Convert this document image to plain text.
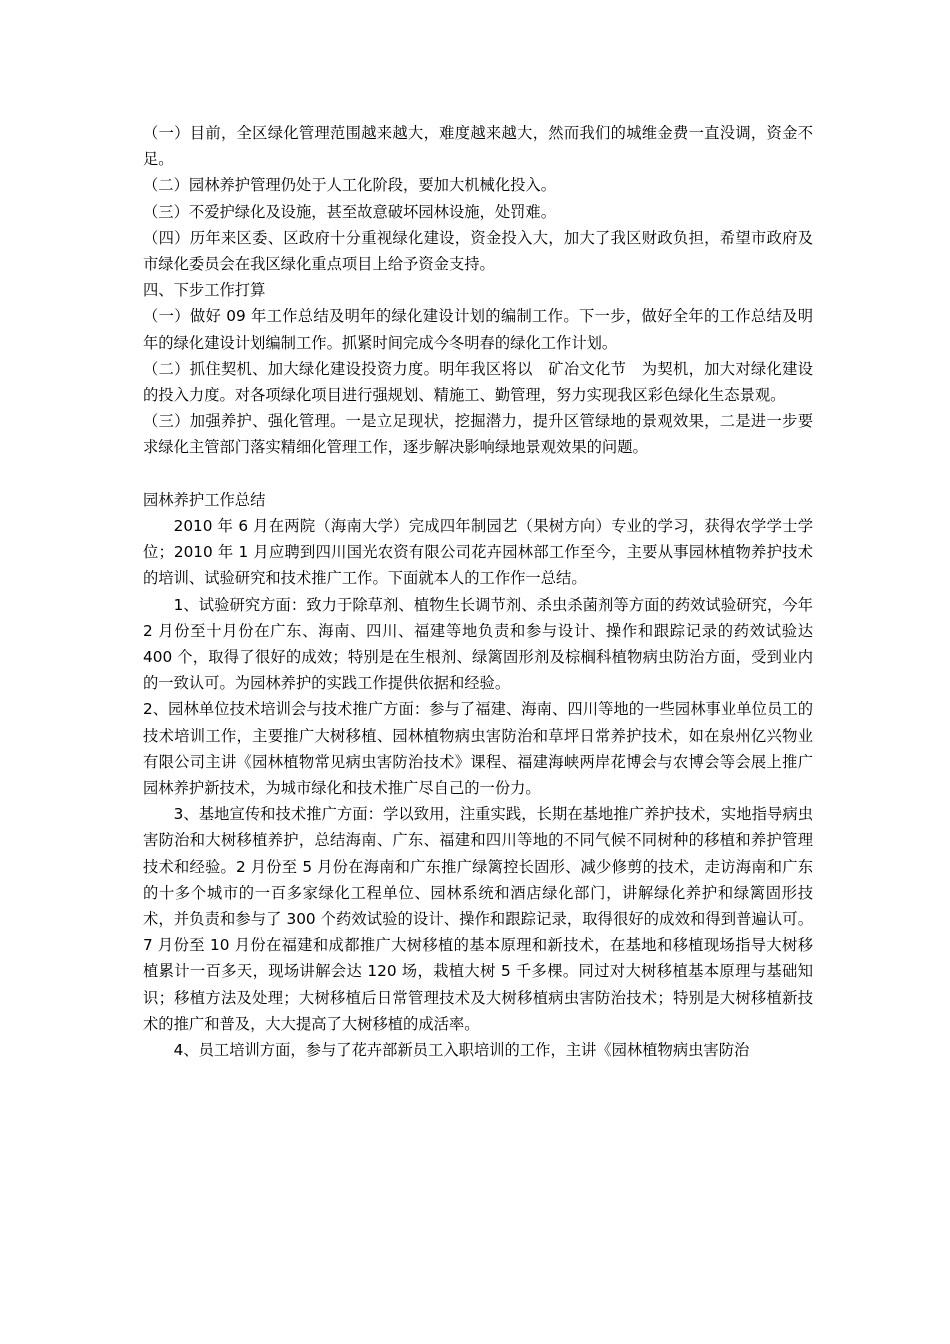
（一）目前，全区绿化管理范围越来越大，难度越来越大，然而我们的城维金费一直没调，资金不足。

（二）园林养护管理仍处于人工化阶段，要加大机械化投入。

（三）不爱护绿化及设施，甚至故意破坏园林设施，处罚难。

（四）历年来区委、区政府十分重视绿化建设，资金投入大，加大了我区财政负担，希望市政府及市绿化委员会在我区绿化重点项目上给予资金支持。

四、下步工作打算

（一）做好 09 年工作总结及明年的绿化建设计划的编制工作。下一步，做好全年的工作总结及明年的绿化建设计划编制工作。抓紧时间完成今冬明春的绿化工作计划。

（二）抓住契机、加大绿化建设投资力度。明年我区将以　矿冶文化节　为契机，加大对绿化建设的投入力度。对各项绿化项目进行强规划、精施工、勤管理，努力实现我区彩色绿化生态景观。

（三）加强养护、强化管理。一是立足现状，挖掘潜力，提升区管绿地的景观效果，二是进一步要求绿化主管部门落实精细化管理工作，逐步解决影响绿地景观效果的问题。

园林养护工作总结

2010 年 6 月在两院（海南大学）完成四年制园艺（果树方向）专业的学习，获得农学学士学位；2010 年 1 月应聘到四川国光农资有限公司花卉园林部工作至今，主要从事园林植物养护技术的培训、试验研究和技术推广工作。下面就本人的工作作一总结。

1、试验研究方面：致力于除草剂、植物生长调节剂、杀虫杀菌剂等方面的药效试验研究，今年 2 月份至十月份在广东、海南、四川、福建等地负责和参与设计、操作和跟踪记录的药效试验达 400 个，取得了很好的成效；特别是在生根剂、绿篱固形剂及棕榈科植物病虫防治方面，受到业内的一致认可。为园林养护的实践工作提供依据和经验。

2、园林单位技术培训会与技术推广方面：参与了福建、海南、四川等地的一些园林事业单位员工的技术培训工作，主要推广大树移植、园林植物病虫害防治和草坪日常养护技术，如在泉州亿兴物业有限公司主讲《园林植物常见病虫害防治技术》课程、福建海峡两岸花博会与农博会等会展上推广园林养护新技术，为城市绿化和技术推广尽自己的一份力。

3、基地宣传和技术推广方面：学以致用，注重实践，长期在基地推广养护技术，实地指导病虫害防治和大树移植养护，总结海南、广东、福建和四川等地的不同气候不同树种的移植和养护管理技术和经验。2 月份至 5 月份在海南和广东推广绿篱控长固形、减少修剪的技术，走访海南和广东的十多个城市的一百多家绿化工程单位、园林系统和酒店绿化部门，讲解绿化养护和绿篱固形技术，并负责和参与了 300 个药效试验的设计、操作和跟踪记录，取得很好的成效和得到普遍认可。7 月份至 10 月份在福建和成都推广大树移植的基本原理和新技术，在基地和移植现场指导大树移植累计一百多天，现场讲解会达 120 场，栽植大树 5 千多棵。同过对大树移植基本原理与基础知识；移植方法及处理；大树移植后日常管理技术及大树移植病虫害防治技术；特别是大树移植新技术的推广和普及，大大提高了大树移植的成活率。

4、员工培训方面，参与了花卉部新员工入职培训的工作，主讲《园林植物病虫害防治
